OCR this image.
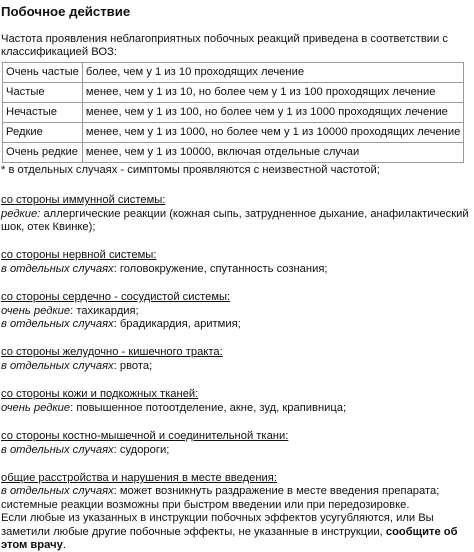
Побочное действие
Частота проявления неблагоприятных побочных реакций приведена в соответствии с классификацией ВОЗ:
Очень частые	более, чем у 1 из 10 проходящих лечение
Частые	менее, чем у 1 из 10, но более чем у 1 из 100 проходящих лечение
Нечастые	менее, чем у 1 из 100, но более чем у 1 из 1000 проходящих лечение
Редкие	менее, чем у 1 из 1000, но более чем у 1 из 10000 проходящих лечение
Очень редкие	менее, чем у 1 из 10000, включая отдельные случаи
* в отдельных случаях - симптомы проявляются с неизвестной частотой;
со стороны иммунной системы:
редкие: аллергические реакции (кожная сыпь, затрудненное дыхание, анафилактический шок, отек Квинке);
со стороны нервной системы:
в отдельных случаях: головокружение, спутанность сознания;
со стороны сердечно - сосудистой системы:
очень редкие: тахикардия;
в отдельных случаях: брадикардия, аритмия;
со стороны желудочно - кишечного тракта:
в отдельных случаях: рвота;
со стороны кожи и подкожных тканей:
очень редкие: повышенное потоотделение, акне, зуд, крапивница;
со стороны костно-мышечной и соединительной ткани:
в отдельных случаях: судороги;
общие расстройства и нарушения в месте введения:
в отдельных случаях: может возникнуть раздражение в месте введения препарата; системные реакции возможны при быстром введении или при передозировке.
Если любые из указанных в инструкции побочных эффектов усугубляются, или Вы заметили любые другие побочные эффекты, не указанные в инструкции, сообщите об этом врачу.
